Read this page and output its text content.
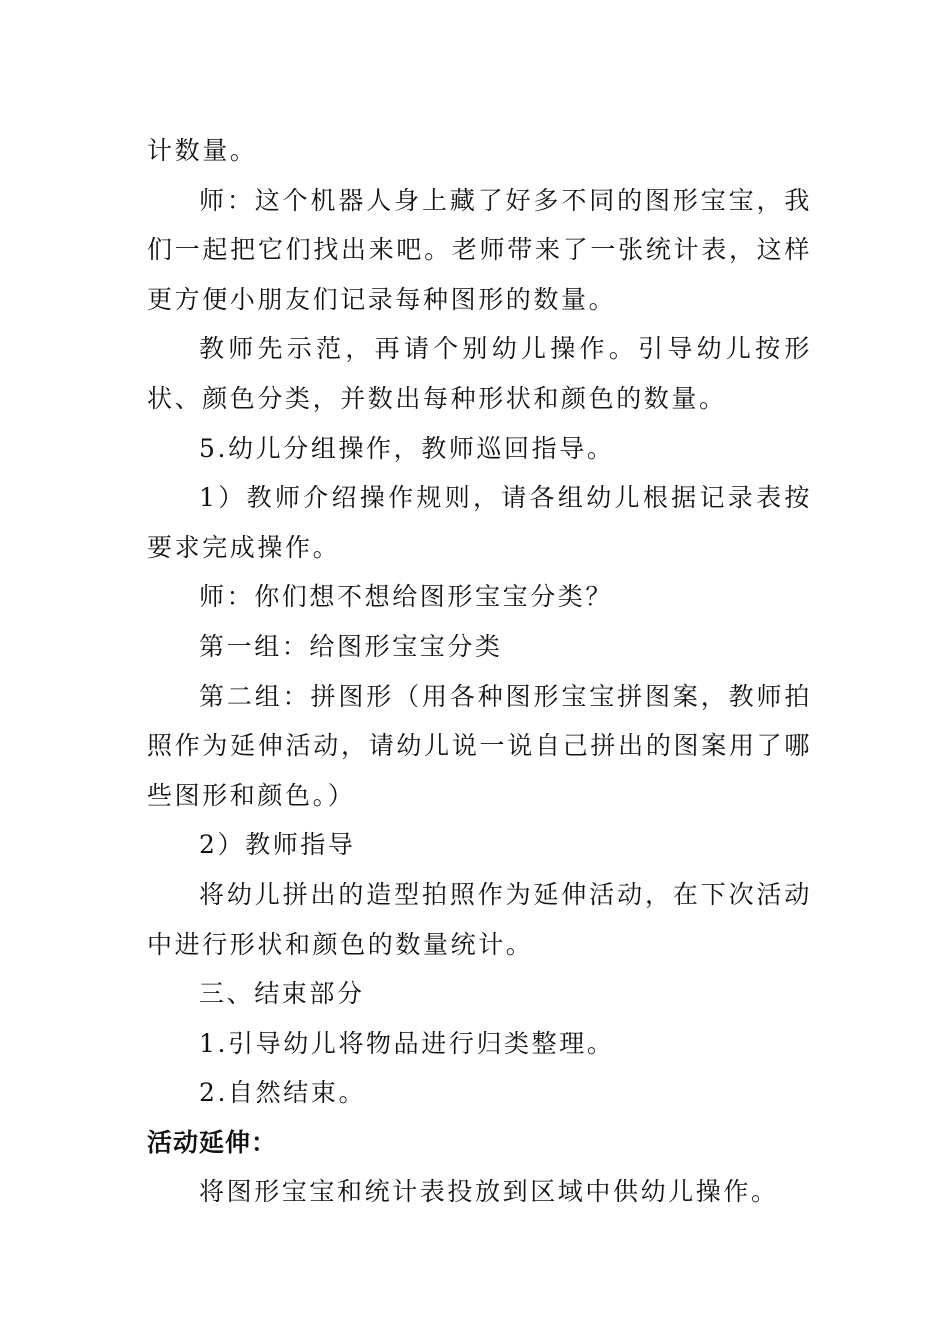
计数量。

师：这个机器人身上藏了好多不同的图形宝宝，我们一起把它们找出来吧。老师带来了一张统计表，这样更方便小朋友们记录每种图形的数量。

教师先示范，再请个别幼儿操作。引导幼儿按形状、颜色分类，并数出每种形状和颜色的数量。

5.幼儿分组操作，教师巡回指导。

1）教师介绍操作规则，请各组幼儿根据记录表按要求完成操作。

师：你们想不想给图形宝宝分类？

第一组：给图形宝宝分类

第二组：拼图形（用各种图形宝宝拼图案，教师拍照作为延伸活动，请幼儿说一说自己拼出的图案用了哪些图形和颜色。）

2）教师指导

将幼儿拼出的造型拍照作为延伸活动，在下次活动中进行形状和颜色的数量统计。

三、结束部分

1.引导幼儿将物品进行归类整理。

2.自然结束。

活动延伸：

将图形宝宝和统计表投放到区域中供幼儿操作。
